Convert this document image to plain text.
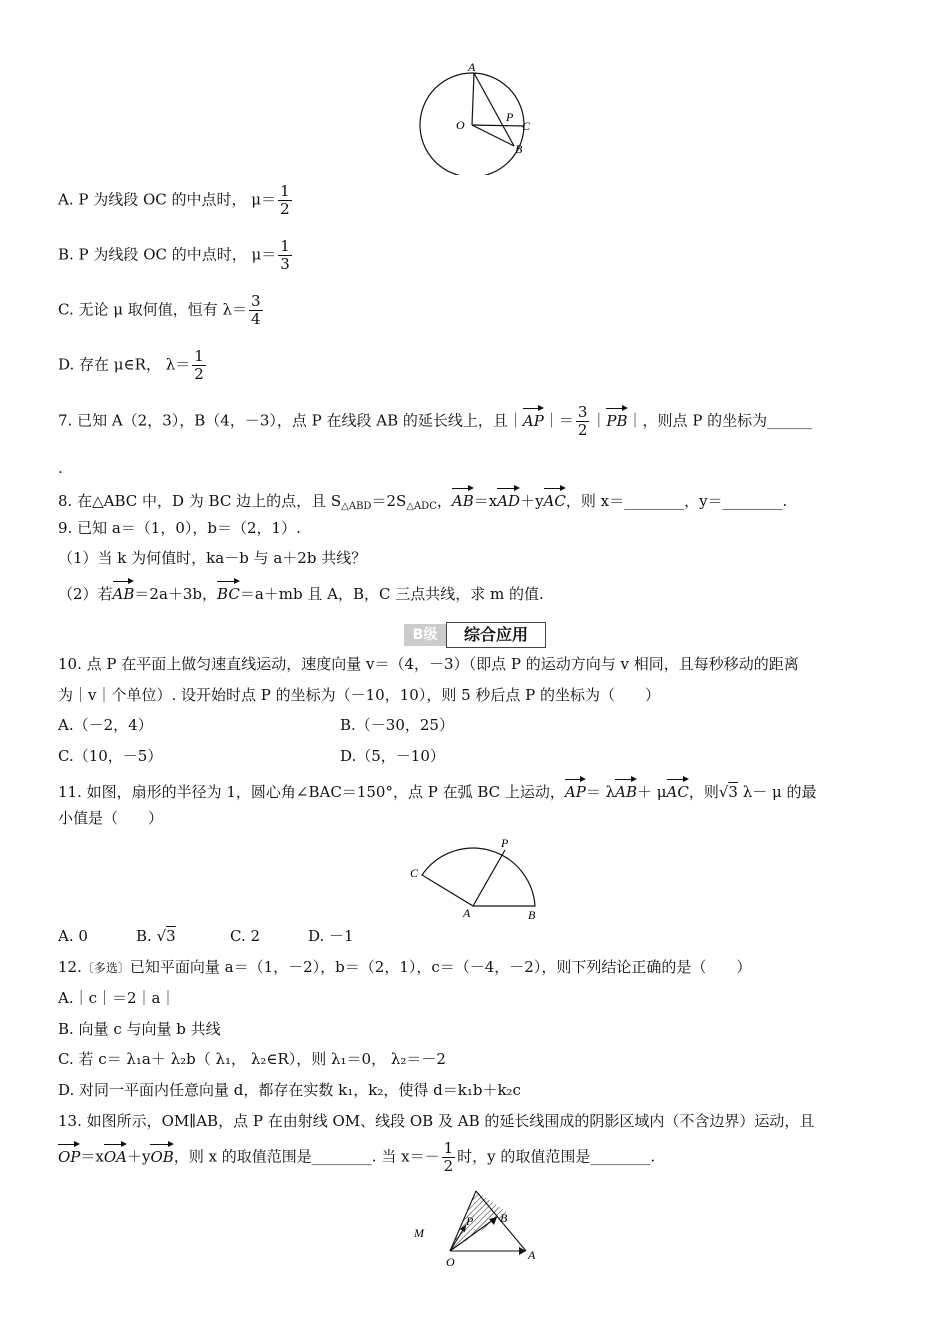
A
O
P
C
B
A. P 为线段 OC 的中点时， $\mu= \frac{1}{2}$
B. P 为线段 OC 的中点时， $\mu= \frac{1}{3}$
C. 无论 μ 取何值，恒有 $\lambda= \frac{3}{4}$
D. 存在 μ∈R， $\lambda= \frac{1}{2}$
7. 已知 A（2，3），B（4，－3），点 P 在线段 AB 的延长线上，且｜AP｜＝ $\frac{3}{2}$ ｜PB｜，则点 P 的坐标为______
.
8. 在△ABC 中，D 为 BC 边上的点，且 $S_{\triangle ABD}=2S_{\triangle ADC}$，AB＝xAD＋yAC，则 x＝________，y＝________.
9. 已知 a＝（1，0），b＝（2，1）.
（1）当 k 为何值时，ka－b 与 a＋2b 共线？
（2）若AB＝2a＋3b，BC＝a＋mb 且 A，B，C 三点共线，求 m 的值.
B级	综合应用
10. 点 P 在平面上做匀速直线运动，速度向量 v＝（4，－3）（即点 P 的运动方向与 v 相同，且每秒移动的距离
为｜v｜个单位）. 设开始时点 P 的坐标为（－10，10），则 5 秒后点 P 的坐标为（　　）
A.（－2，4）	B.（－30，25）
C.（10，－5）	D.（5，－10）
11. 如图，扇形的半径为 1，圆心角∠BAC＝150°，点 P 在弧 BC 上运动，AP＝ λAB＋ μAC，则√3 λ－ μ 的最
小值是（　　）
C
P
A	B
A. 0	B. √3	C. 2	D. －1
12.〔多选〕已知平面向量 a＝（1，－2），b＝（2，1），c＝（－4，－2），则下列结论正确的是（　　）
A.｜c｜＝2｜a｜
B. 向量 c 与向量 b 共线
C. 若 c＝ λ₁a＋ λ₂b（ λ₁， λ₂∈R），则 λ₁＝0， λ₂＝－2
D. 对同一平面内任意向量 d，都存在实数 k₁，k₂，使得 d＝k₁b＋k₂c
13. 如图所示，OM∥AB，点 P 在由射线 OM、线段 OB 及 AB 的延长线围成的阴影区域内（不含边界）运动，且
OP＝xOA＋yOB，则 x 的取值范围是________. 当 $x=- \frac{1}{2}$ 时，y 的取值范围是________.
M
P B
A
O
